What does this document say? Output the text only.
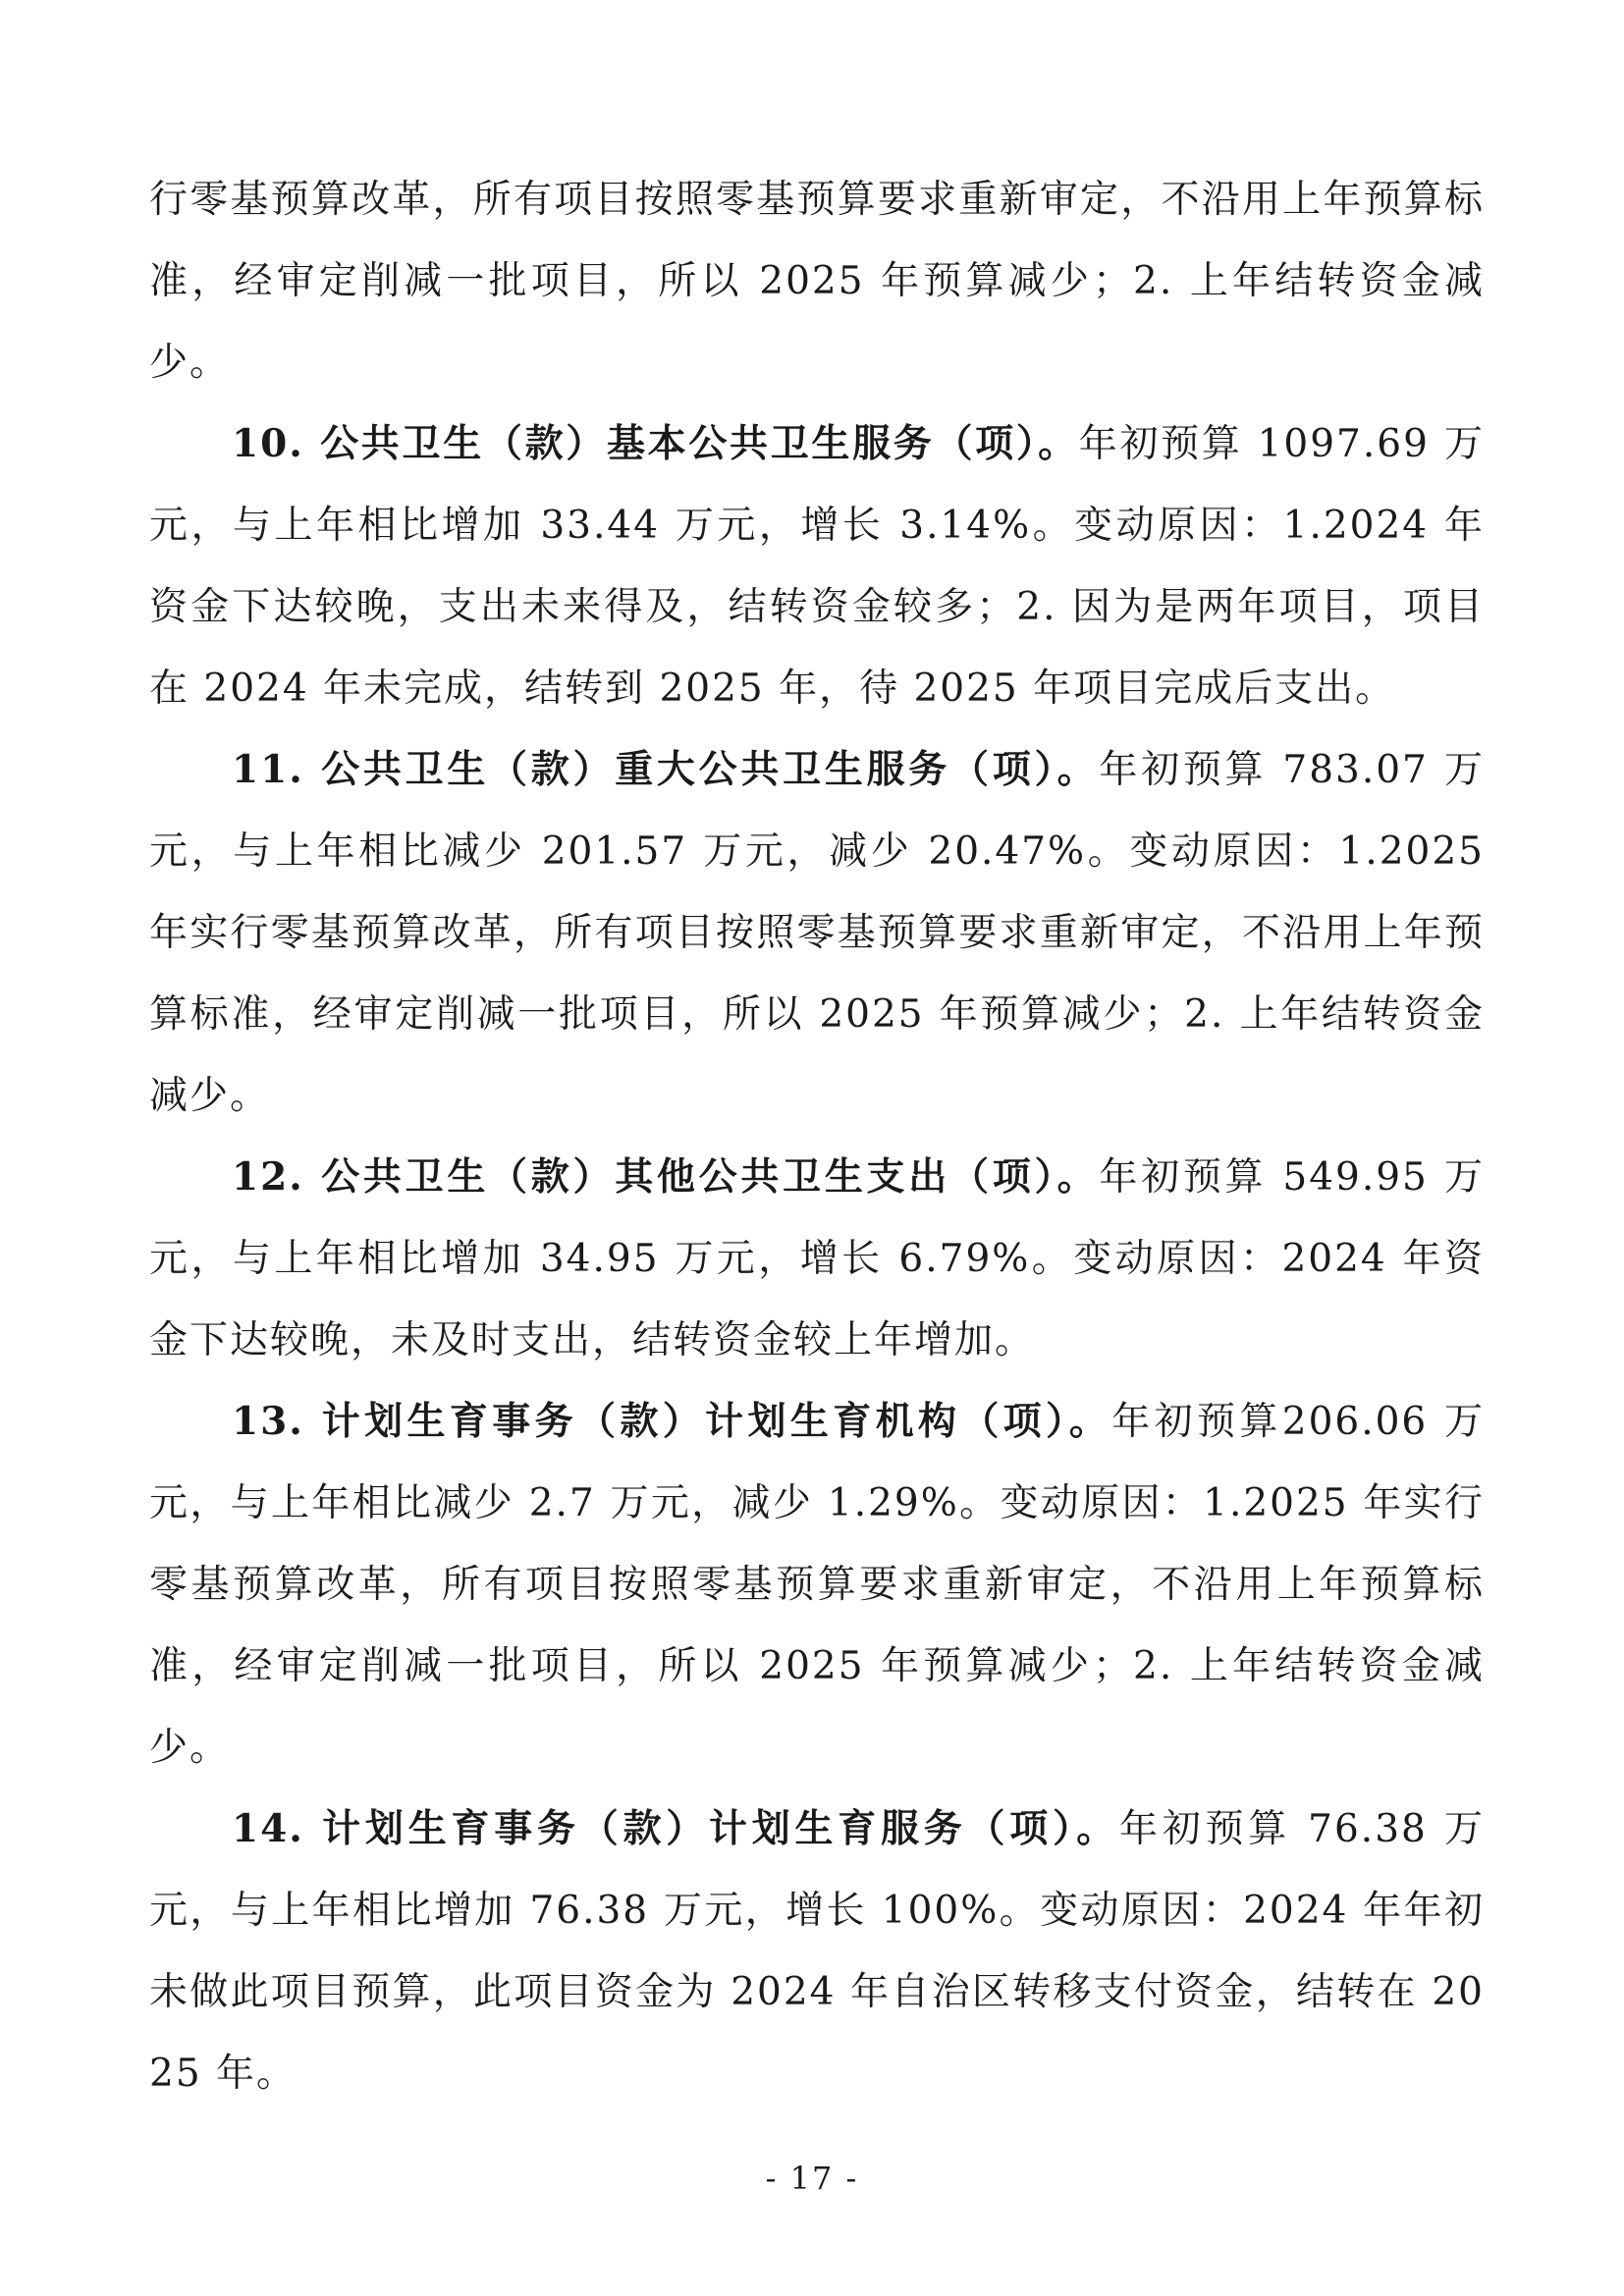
行零基预算改革，所有项目按照零基预算要求重新审定，不沿用上年预算标准，经审定削减一批项目，所以 2025 年预算减少；2. 上年结转资金减少。

10. 公共卫生（款）基本公共卫生服务（项）。年初预算 1097.69 万元，与上年相比增加 33.44 万元，增长 3.14%。变动原因：1.2024 年资金下达较晚，支出未来得及，结转资金较多；2. 因为是两年项目，项目在 2024 年未完成，结转到 2025 年，待 2025 年项目完成后支出。

11. 公共卫生（款）重大公共卫生服务（项）。年初预算 783.07 万元，与上年相比减少 201.57 万元，减少 20.47%。变动原因：1.2025 年实行零基预算改革，所有项目按照零基预算要求重新审定，不沿用上年预算标准，经审定削减一批项目，所以 2025 年预算减少；2. 上年结转资金减少。

12. 公共卫生（款）其他公共卫生支出（项）。年初预算 549.95 万元，与上年相比增加 34.95 万元，增长 6.79%。变动原因：2024 年资金下达较晚，未及时支出，结转资金较上年增加。

13. 计划生育事务（款）计划生育机构（项）。年初预算206.06 万元，与上年相比减少 2.7 万元，减少 1.29%。变动原因：1.2025 年实行零基预算改革，所有项目按照零基预算要求重新审定，不沿用上年预算标准，经审定削减一批项目，所以 2025 年预算减少；2. 上年结转资金减少。

14. 计划生育事务（款）计划生育服务（项）。年初预算 76.38 万元，与上年相比增加 76.38 万元，增长 100%。变动原因：2024 年年初未做此项目预算，此项目资金为 2024 年自治区转移支付资金，结转在 2025 年。

- 17 -
